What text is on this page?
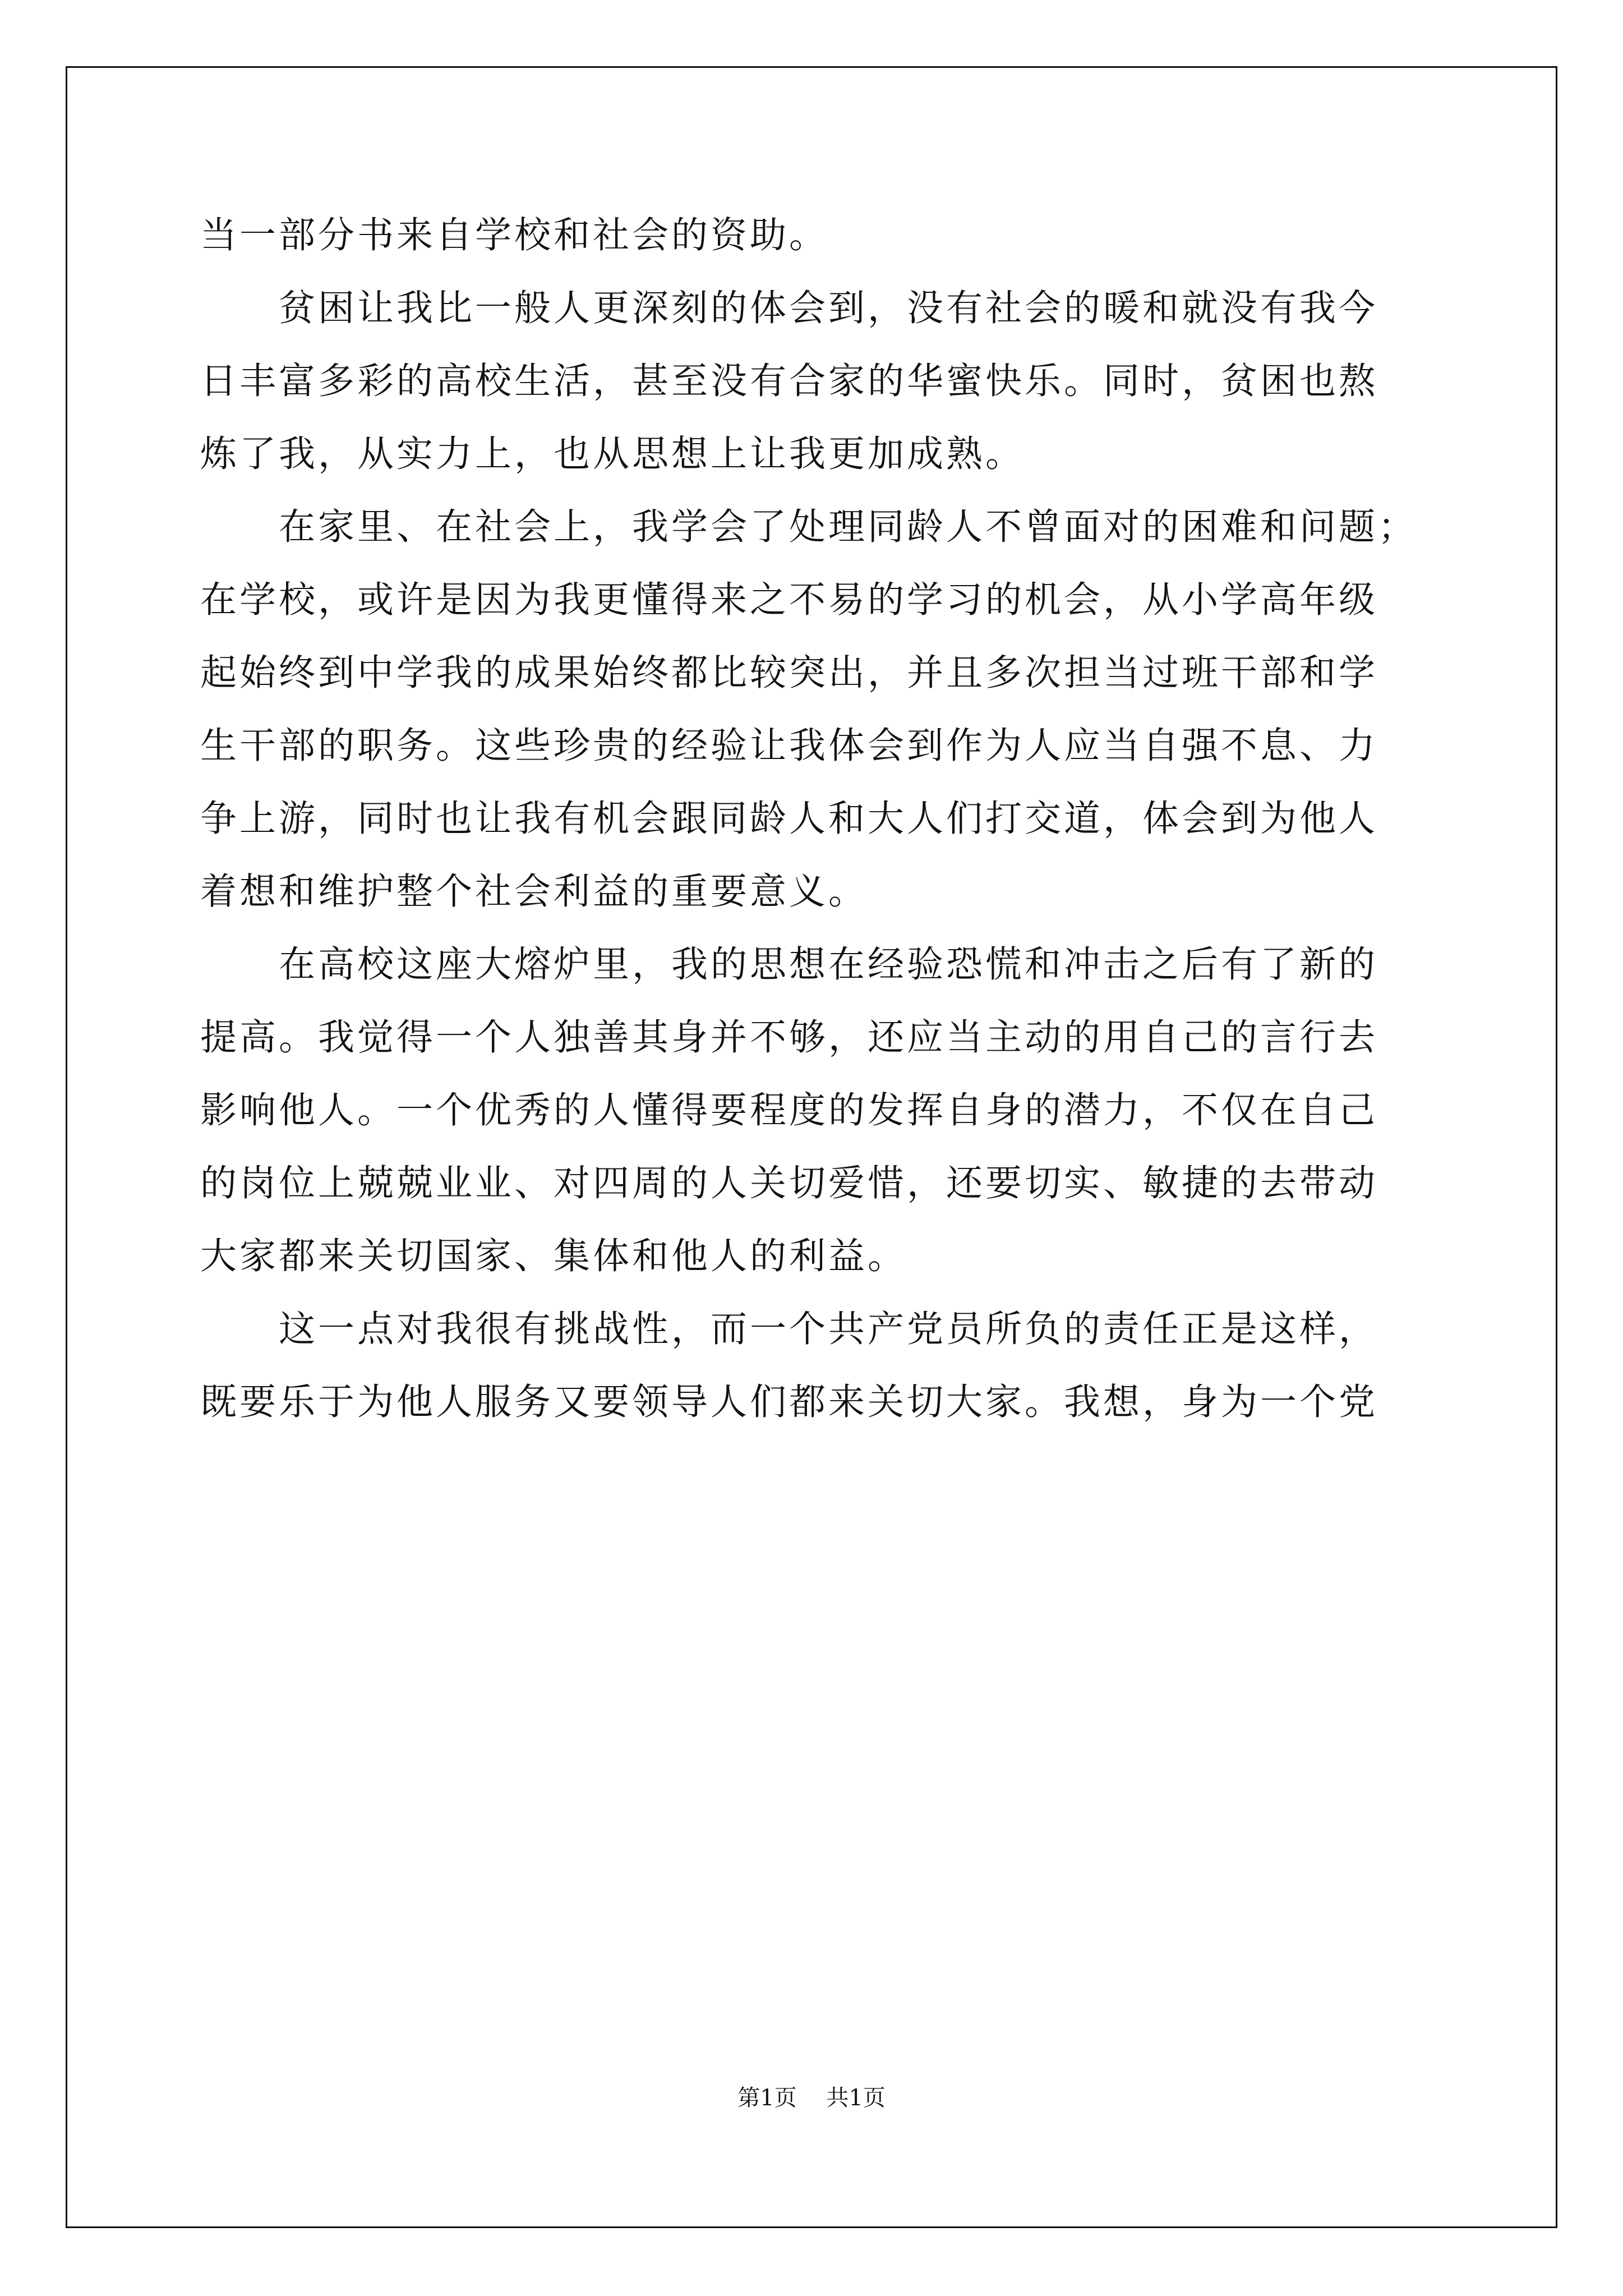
当一部分书来自学校和社会的资助。
贫困让我比一般人更深刻的体会到，没有社会的暖和就没有我今
日丰富多彩的高校生活，甚至没有合家的华蜜快乐。同时，贫困也熬
炼了我，从实力上，也从思想上让我更加成熟。
在家里、在社会上，我学会了处理同龄人不曾面对的困难和问题；
在学校，或许是因为我更懂得来之不易的学习的机会，从小学高年级
起始终到中学我的成果始终都比较突出，并且多次担当过班干部和学
生干部的职务。这些珍贵的经验让我体会到作为人应当自强不息、力
争上游，同时也让我有机会跟同龄人和大人们打交道，体会到为他人
着想和维护整个社会利益的重要意义。
在高校这座大熔炉里，我的思想在经验恐慌和冲击之后有了新的
提高。我觉得一个人独善其身并不够，还应当主动的用自己的言行去
影响他人。一个优秀的人懂得要程度的发挥自身的潜力，不仅在自己
的岗位上兢兢业业、对四周的人关切爱惜，还要切实、敏捷的去带动
大家都来关切国家、集体和他人的利益。
这一点对我很有挑战性，而一个共产党员所负的责任正是这样，
既要乐于为他人服务又要领导人们都来关切大家。我想，身为一个党
第1页 共1页
